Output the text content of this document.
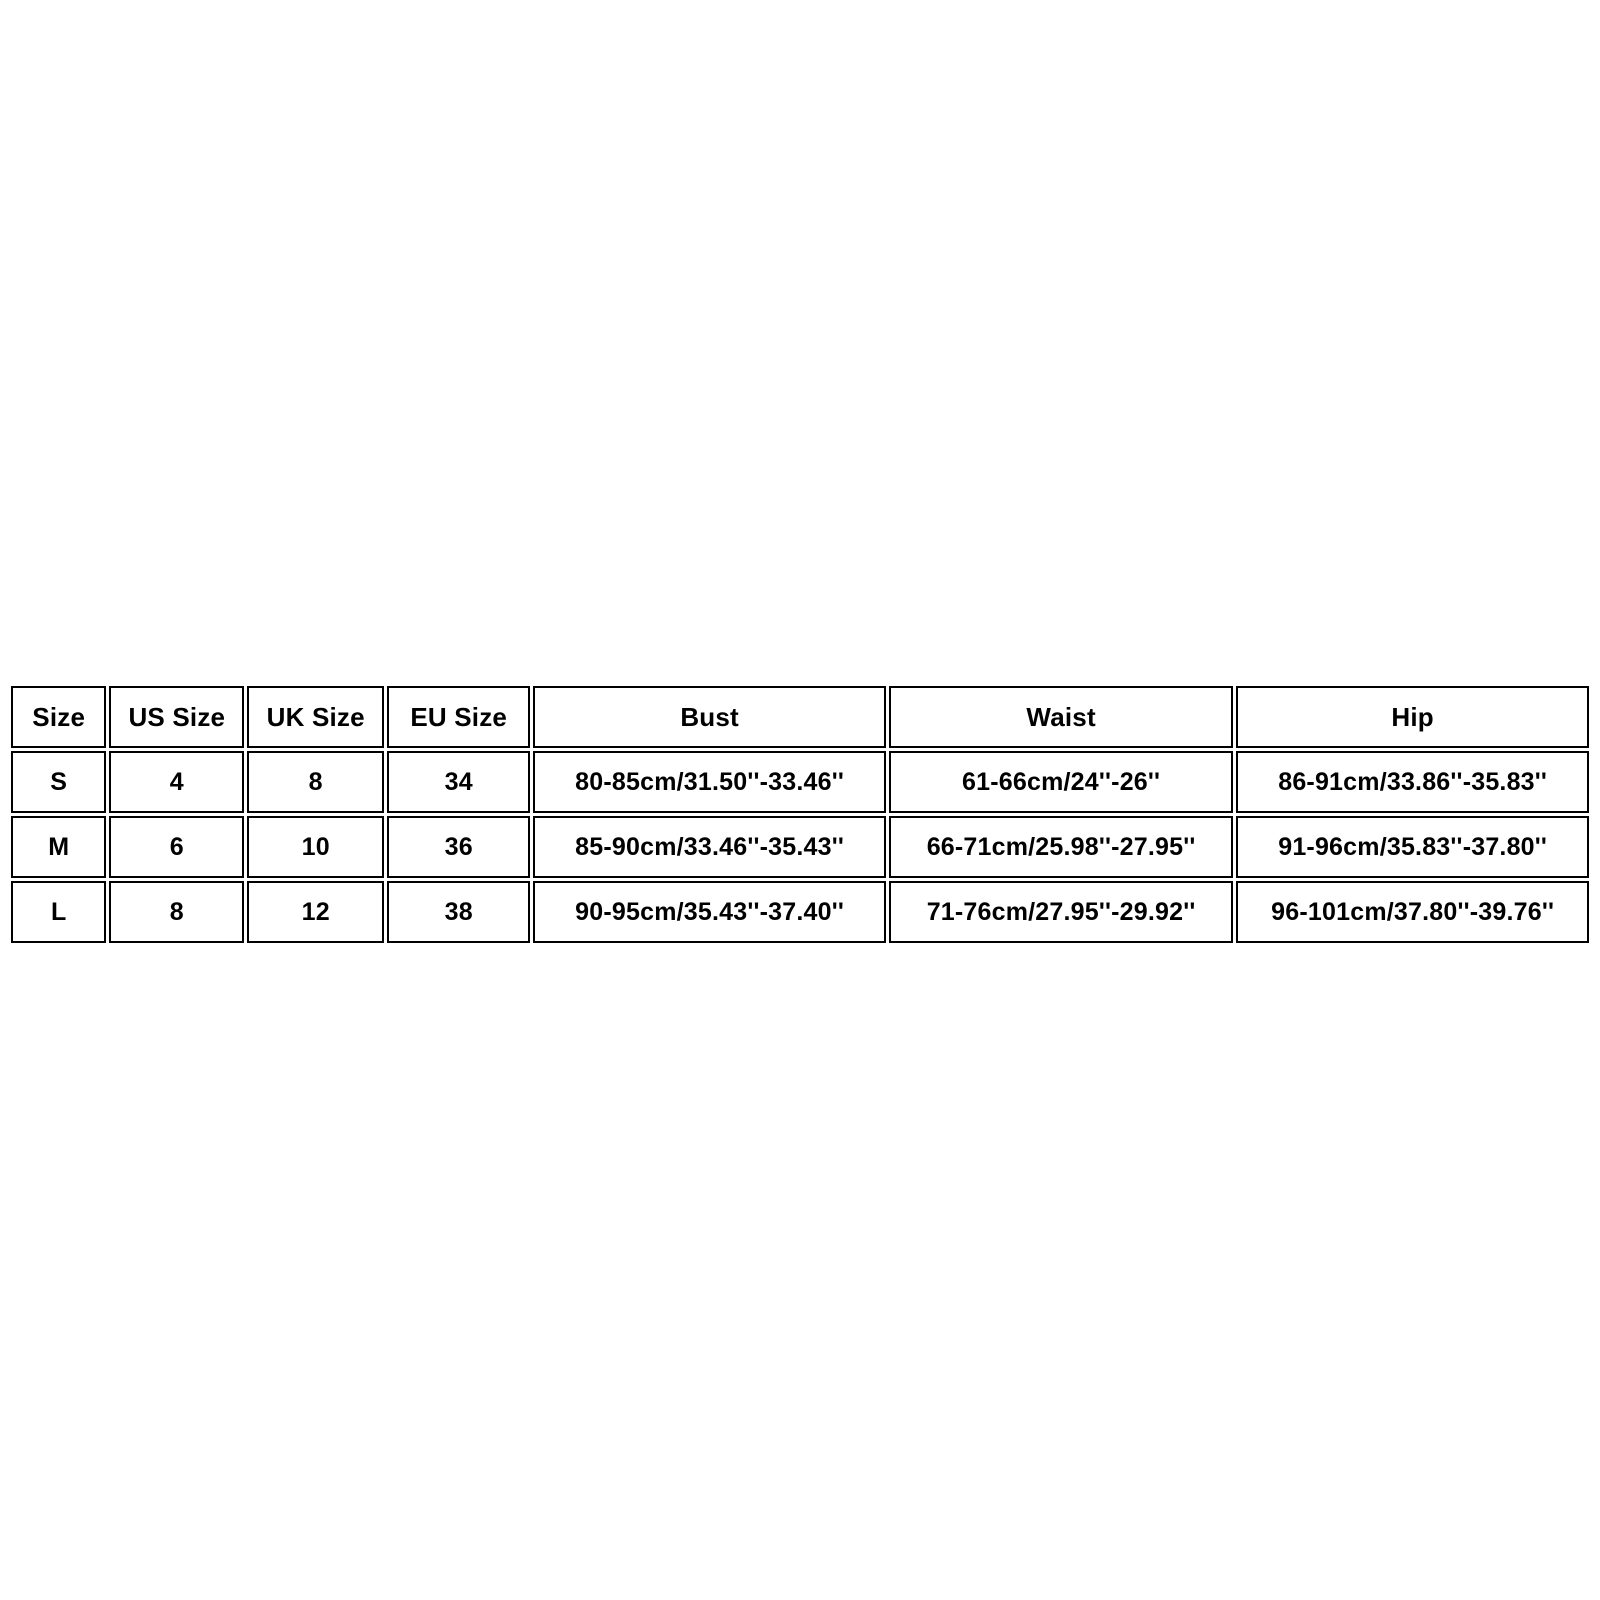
Size	US Size	UK Size	EU Size	Bust	Waist	Hip
S	4	8	34	80-85cm/31.50''-33.46''	61-66cm/24''-26''	86-91cm/33.86''-35.83''
M	6	10	36	85-90cm/33.46''-35.43''	66-71cm/25.98''-27.95''	91-96cm/35.83''-37.80''
L	8	12	38	90-95cm/35.43''-37.40''	71-76cm/27.95''-29.92''	96-101cm/37.80''-39.76''
